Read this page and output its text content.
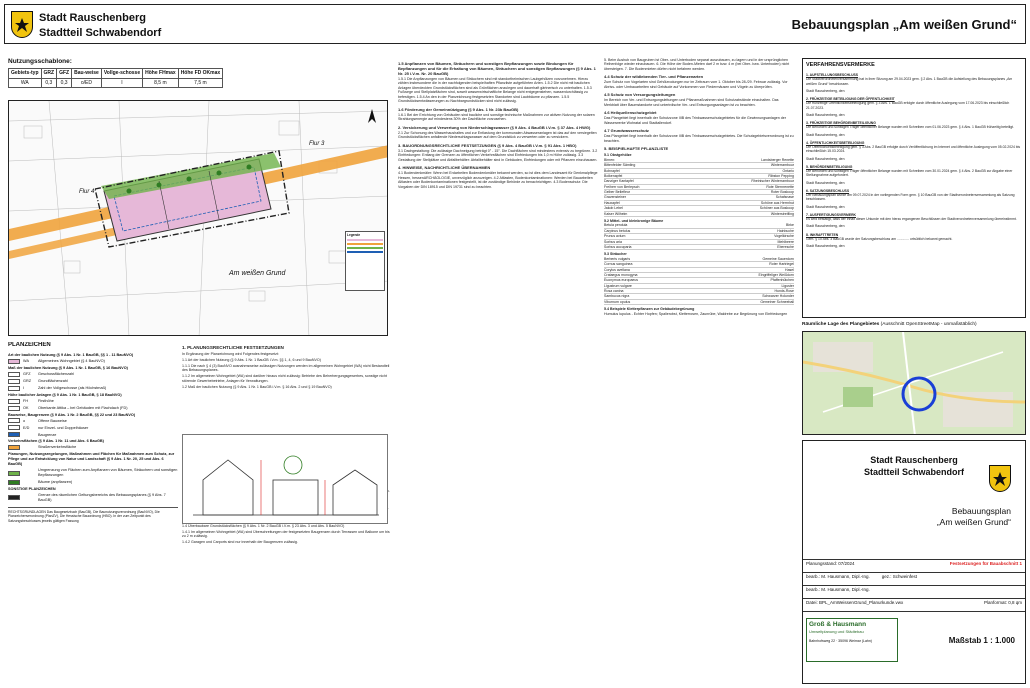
Stadt Rauschenberg
Stadtteil Schwabendorf
Bebauungsplan „Am weißen Grund“
Nutzungsschablone:
Gebiets-typ	GRZ	GFZ	Bau-weise	Vollge-schosse	Höhe FHmax	Höhe FD OKmax
WA	0,3	0,3	o/ED	I	8,5 m	7,5 m
Flur 4
Flur 3
Am weißen Grund
Legende
PLANZEICHEN
Art der baulichen Nutzung (§ 9 Abs. 1 Nr. 1 BauGB, §§ 1 - 11 BauNVO)
WA	Allgemeines Wohngebiet (§ 4 BauNVO)
Maß der baulichen Nutzung (§ 9 Abs. 1 Nr. 1 BauGB, § 16 BauNVO)
GFZ	Geschossflächenzahl
GRZ	Grundflächenzahl
I	Zahl der Vollgeschosse (als Höchstmaß)
Höhe baulicher Anlagen (§ 9 Abs. 1 Nr. 1 BauGB, § 18 BauNVO)
FH	Firsthöhe
OK	Oberkante Attika – bei Gebäuden mit Flachdach (FD)
Bauweise, Baugrenzen (§ 9 Abs. 1 Nr. 2 BauGB, §§ 22 und 23 BauNVO)
o	Offene Bauweise
E/D	nur Einzel- und Doppelhäuser
Baugrenze
Verkehrsflächen (§ 9 Abs. 1 Nr. 11 und Abs. 6 BauGB)
Straßenverkehrsfläche
Planungen, Nutzungsregelungen, Maßnahmen und Flächen für Maßnahmen zum Schutz, zur Pflege und zur Entwicklung von Natur und Landschaft (§ 9 Abs. 1 Nr. 20, 25 und Abs. 6 BauGB)
Umgrenzung von Flächen zum Anpflanzen von Bäumen, Sträuchern und sonstigen Bepflanzungen
Bäume (anpflanzen)
SONSTIGE PLANZEICHEN
Grenze des räumlichen Geltungsbereichs des Bebauungsplanes (§ 9 Abs. 7 BauGB)
RECHTSGRUNDLAGEN Das Baugesetzbuch (BauGB), Die Baunutzungsverordnung (BauNVO), Die Planzeichenverordnung (PlanZV), Die Hessische Bauordnung (HBO). In der zum Zeitpunkt des Satzungsbeschlusses jeweils gültigen Fassung
1. PLANUNGSRECHTLICHE FESTSETZUNGEN

In Ergänzung der Planzeichnung wird Folgendes festgesetzt:

1.1 Art der baulichen Nutzung (§ 9 Abs. 1 Nr. 1 BauGB i.V.m. §§ 1, 4, 6 und 9 BauNVO)

1.1.1 Die nach § 4 (3) BauNVO ausnahmsweise zulässigen Nutzungen werden im allgemeinen Wohngebiet (WA) nicht Bestandteil des Bebauungsplanes.

1.1.2 Im allgemeinen Wohngebiet (WA) sind darüber hinaus nicht zulässig: Betriebe des Beherbergungsgewerbes, sonstige nicht störende Gewerbebetriebe, Anlagen für Verwaltungen.

1.2 Maß der baulichen Nutzung (§ 9 Abs. 1 Nr. 1 BauGB i.V.m. § 16 Abs. 2 und § 19 BauNVO)

1.4 Überbaubare Grundstücksflächen (§ 9 Abs. 1 Nr. 2 BauGB i.V.m. § 23 Abs. 3 und Abs. 5 BauNVO)

1.4.1 Im allgemeinen Wohngebiet (WA) sind Überschreitungen der festgesetzten Baugrenzen durch Terrassen und Balkone um bis zu 2 m zulässig.

1.4.2 Garagen und Carports sind nur innerhalb der Baugrenzen zulässig.

1.5 Anpflanzen von Bäumen, Sträuchern und sonstigen Bepflanzungen sowie Bindungen für Bepflanzungen und für die Erhaltung von Bäumen, Sträuchern und sonstigen Bepflanzungen (§ 9 Abs. 1 Nr. 25 i.V.m. Nr. 20 BauGB)

1.5.1 Die Anpflanzungen von Bäumen und Sträuchern sind mit standortheimischen Laubgehölzen vorzunehmen. Hierzu zählen insbesondere die in der nachfolgenden beispielhaften Pflanzliste aufgeführten Arten. 1.5.2 Die nicht mit baulichen Anlagen überdeckten Grundstücksflächen sind als Grünflächen anzulegen und dauerhaft gärtnerisch zu unterhalten. 1.5.3 Fußwege und Stellplatzflächen sind, soweit wasserwirtschaftliche Belange nicht entgegenstehen, wasserdurchlässig zu befestigen. 1.5.4 An den in der Planzeichnung festgesetzten Standorten sind Laubbäume zu pflanzen. 1.5.5 Grundstücksentwässerungen zu Nachbargrundstücken sind nicht zulässig.

1.6 Förderung der Gemeinnützigung (§ 9 Abs. 1 Nr. 23b BauGB)

1.6.1 Bei der Errichtung von Gebäuden sind bauliche und sonstige technische Maßnahmen zur aktiven Nutzung der solaren Strahlungsenergie auf mindestens 30% der Dachfläche vorzusehen.

2. Versickerung und Verwertung von Niederschlagswasser (§ 9 Abs. 4 BauGB i.V.m. § 37 Abs. 4 HWG)

2.1 Zur Schonung des Wasserhaushaltes und zur Entlastung der kommunalen Abwasseranlagen ist das auf den versiegelten Grundstücksflächen anfallende Niederschlagswasser auf dem Grundstück zu verwerten oder zu versickern.

3. BAUORDNUNGSRECHTLICHE FESTSETZUNGEN (§ 9 Abs. 4 BauGB i.V.m. § 91 Abs. 1 HBO)

3.1 Dachgestaltung: Die zulässige Dachneigung beträgt 0° - 15°. Die Dachflächen sind mindestens extensiv zu begrünen. 3.2 Einfriedungen: Entlang der Grenzen zu öffentlichen Verkehrsflächen sind Einfriedungen bis 1,0 m Höhe zulässig. 3.3 Gestaltung der Stellplätze und Abfallbehälter: Abfallbehälter sind in Gebäuden, Einfriedungen oder mit Pflanzen einzuhausen.

4. HINWEISE, NACHRICHTLICHE ÜBERNAHMEN

4.1 Bodendenkmäler: Wenn bei Erdarbeiten Bodendenkmäler bekannt werden, so ist dies dem Landesamt für Denkmalpflege Hessen, hessenARCHÄOLOGIE, unverzüglich anzuzeigen. 4.2 Altlasten, Bodenkontaminationen: Werden bei Bauarbeiten Altlasten oder Bodenkontaminationen festgestellt, ist die zuständige Behörde zu benachrichtigen. 4.3 Bodenschutz: Die Vorgaben der DIN 18915 und DIN 19731 sind zu beachten.

5. Beim Aushub von Baugruben ist Ober- und Unterboden separat auszubauen, zu lagern und in der ursprünglichen Reihenfolge wieder einzubauen. 6. Die Höhe der Boden-Mieten darf 2 m bzw. 4 m (bei Ober- bzw. Unterboden) nicht übersteigen. 7. Die Bodenmieten dürfen nicht befahren werden.

4.4 Schutz der wildlebenden Tier- und Pflanzenarten

Zum Schutz von Vogelarten sind Gehölzrodungen nur im Zeitraum vom 1. Oktober bis 28./29. Februar zulässig. Vor Abriss- oder Umbauarbeiten sind Gebäude auf Vorkommen von Fledermäusen und Vögeln zu überprüfen.

4.5 Schutz von Versorgungsleitungen

Im Bereich von Ver- und Entsorgungsleitungen und Pflanzmaßnahmen sind Schutzabstände einzuhalten. Das Merkblatt über Baumstandorte und unterirdische Ver- und Entsorgungsanlagen ist zu beachten.

4.6 Heilquellenschutzgebiet

Das Plangebiet liegt innerhalb der Schutzzone IIIB des Trinkwasserschutzgebietes für die Gewinnungsanlagen der Wasserwerke Wohratal und Stadtallendorf.

4.7 Grundwasserschutz

Das Plangebiet liegt innerhalb der Schutzzone IIIB des Trinkwasserschutzgebietes. Die Schutzgebietsverordnung ist zu beachten.

5. BEISPIELHAFTE PFLANZLISTE
5.1 Obstgehölze
Birnen:	Landsberger Renette
Bittenfelder Sämling	Winterrambour
Bohnapfel	Ontario
Boikenapfel	Ribston Pepping
Danziger Kantapfel	Rheinischer Winterrambour
Freiherr von Berlepsch	Rote Sternrenette
Gelber Bellefleur	Roter Boskoop
Gravensteiner	Schafsnase
Hauxapfel	Schöne aus Herrnhut
Jakob Lebel	Schöner aus Boskoop
Kaiser Wilhelm	Winterstreifling
5.2 Mittel- und kleinkronige Bäume
Betula pendula	Birke
Carpinus betulus	Hainbuche
Prunus avium	Vogelkirsche
Sorbus aria	Mehlbeere
Sorbus aucuparia	Eberesche
5.3 Sträucher
Berberis vulgaris	Gemeine Sauerdorn
Cornus sanguinea	Roter Hartriegel
Corylus avellana	Hasel
Crataegus monogyna	Eingriffeliger Weißdorn
Euonymus europaeus	Pfaffenhütchen
Ligustrum vulgare	Liguster
Rosa canina	Hunds-Rose
Sambucus nigra	Schwarzer Holunder
Viburnum opulus	Gemeiner Schneeball
5.4 Beispiele Kletterpflanzen zur Gebäudebegrünung

Humulus lupulus - Echter Hopfen; Spalierobst, Kletterrosen, Zaunrübe, Waldrebe zur Begrünung von Einfriedungen

VERFAHRENSVERMERKE
1. AUFSTELLUNGSBESCHLUSS

Die Stadtverordnetenversammlung hat in ihrer Sitzung am 29.04.2023 gem. § 2 Abs. 1 BauGB die Aufstellung des Bebauungsplanes „Am weißen Grund“ beschlossen.

Stadt Rauschenberg, den

2. FRÜHZEITIGE BETEILIGUNG DER ÖFFENTLICHKEIT

Die frühzeitige Öffentlichkeitsbeteiligung gem. § 3 Abs. 1 BauGB erfolgte durch öffentliche Auslegung vom 17.06.2023 bis einschließlich 21.07.2023.

Stadt Rauschenberg, den

3. FRÜHZEITIGE BEHÖRDENBETEILIGUNG

Die Behörden und sonstigen Träger öffentlicher Belange wurden mit Schreiben vom 01.06.2023 gem. § 4 Abs. 1 BauGB frühzeitig beteiligt.

Stadt Rauschenberg, den

4. ÖFFENTLICHKEITSBETEILIGUNG

Die Öffentlichkeitsbeteiligung gem. § 3 Abs. 2 BauGB erfolgte durch Veröffentlichung im Internet und öffentliche Auslegung vom 05.02.2024 bis einschließlich 15.03.2024.

Stadt Rauschenberg, den

5. BEHÖRDENBETEILIGUNG

Die Behörden und sonstigen Träger öffentlicher Belange wurden mit Schreiben vom 30.01.2024 gem. § 4 Abs. 2 BauGB zur Abgabe einer Stellungnahme aufgefordert.

Stadt Rauschenberg, den

6. SATZUNGSBESCHLUSS

Der Bebauungsplan wurde am 09.07.2024 in der vorliegenden Form gem. § 10 BauGB von der Stadtverordnetenversammlung als Satzung beschlossen.

Stadt Rauschenberg, den

7. AUSFERTIGUNGSVERMERK

Es wird bestätigt, dass der Inhalt dieser Urkunde mit den hierzu ergangenen Beschlüssen der Stadtverordnetenversammlung übereinstimmt.

Stadt Rauschenberg, den

8. INKRAFTTRETEN

Gem. § 10 Abs. 3 BauGB wurde der Satzungsbeschluss am ............. ortsüblich bekannt gemacht.

Stadt Rauschenberg, den

Räumliche Lage des Plangebietes (Ausschnitt OpenStreetMap - unmaßstäblich)
Stadt Rauschenberg
Stadtteil Schwabendorf
Bebauungsplan
„Am weißen Grund“
Planungsstand: 07/2024	Festsetzungen für Bauabschnitt 1
bearb.: M. Hausmann, Dipl.-Ing.	gez.: Schweinfest
bearb.: M. Hausmann, Dipl.-Ing.
Datei: BPL_AmWeissenGrund_Planurkunde.vwx	Planformat: 0,8 qm
Groß & Hausmann
Umweltplanung und Städtebau
Bahnhofsweg 22 · 35096 Weimar (Lahn)	Maßstab 1 : 1.000
